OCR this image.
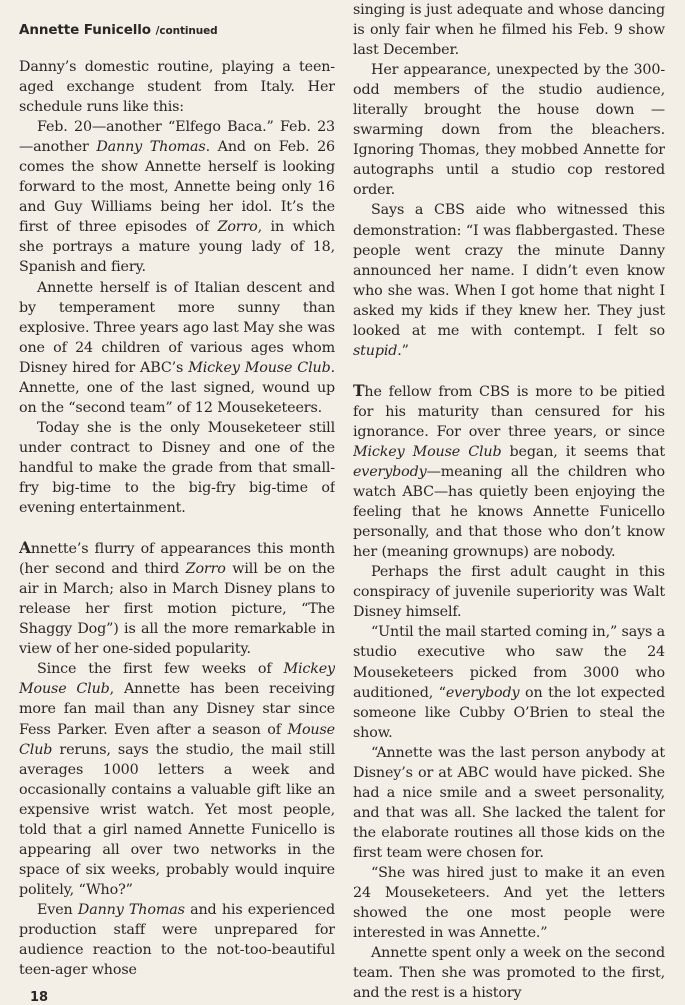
Annette Funicello /continued

Danny’s domestic routine, playing a teen-aged exchange student from Italy. Her schedule runs like this:

Feb. 20—another “Elfego Baca.” Feb. 23—another Danny Thomas. And on Feb. 26 comes the show Annette herself is looking forward to the most, Annette being only 16 and Guy Williams being her idol. It’s the first of three episodes of Zorro, in which she portrays a mature young lady of 18, Spanish and fiery.

Annette herself is of Italian descent and by temperament more sunny than explosive. Three years ago last May she was one of 24 children of various ages whom Disney hired for ABC’s Mickey Mouse Club. Annette, one of the last signed, wound up on the “second team” of 12 Mouseketeers.

Today she is the only Mouseketeer still under contract to Disney and one of the handful to make the grade from that small-fry big-time to the big-fry big-time of evening entertainment.

Annette’s flurry of appearances this month (her second and third Zorro will be on the air in March; also in March Disney plans to release her first motion picture, “The Shaggy Dog”) is all the more remarkable in view of her one-sided popularity.

Since the first few weeks of Mickey Mouse Club, Annette has been receiving more fan mail than any Disney star since Fess Parker. Even after a season of Mouse Club reruns, says the studio, the mail still averages 1000 letters a week and occasionally contains a valuable gift like an expensive wrist watch. Yet most people, told that a girl named Annette Funicello is appearing all over two networks in the space of six weeks, probably would inquire politely, “Who?”

Even Danny Thomas and his experienced production staff were unprepared for audience reaction to the not-too-beautiful teen-ager whose

singing is just adequate and whose dancing is only fair when he filmed his Feb. 9 show last December.

Her appearance, unexpected by the 300-odd members of the studio audience, literally brought the house down —swarming down from the bleachers. Ignoring Thomas, they mobbed Annette for autographs until a studio cop restored order.

Says a CBS aide who witnessed this demonstration: “I was flabbergasted. These people went crazy the minute Danny announced her name. I didn’t even know who she was. When I got home that night I asked my kids if they knew her. They just looked at me with contempt. I felt so stupid.”

The fellow from CBS is more to be pitied for his maturity than censured for his ignorance. For over three years, or since Mickey Mouse Club began, it seems that everybody—meaning all the children who watch ABC—has quietly been enjoying the feeling that he knows Annette Funicello personally, and that those who don’t know her (meaning grownups) are nobody.

Perhaps the first adult caught in this conspiracy of juvenile superiority was Walt Disney himself.

“Until the mail started coming in,” says a studio executive who saw the 24 Mouseketeers picked from 3000 who auditioned, “everybody on the lot expected someone like Cubby O’Brien to steal the show.

“Annette was the last person anybody at Disney’s or at ABC would have picked. She had a nice smile and a sweet personality, and that was all. She lacked the talent for the elaborate routines all those kids on the first team were chosen for.

“She was hired just to make it an even 24 Mouseketeers. And yet the letters showed the one most people were interested in was Annette.”

Annette spent only a week on the second team. Then she was promoted to the first, and the rest is a history

18
